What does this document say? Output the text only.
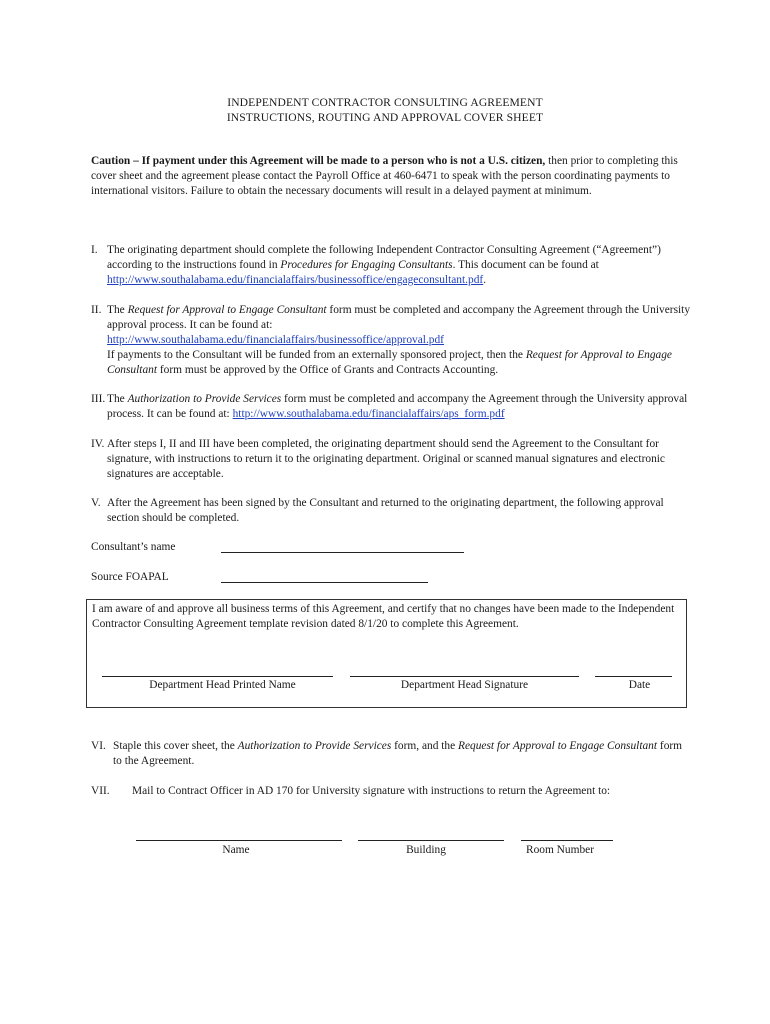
INDEPENDENT CONTRACTOR CONSULTING AGREEMENT
INSTRUCTIONS, ROUTING AND APPROVAL COVER SHEET
Caution – If payment under this Agreement will be made to a person who is not a U.S. citizen, then prior to completing this cover sheet and the agreement please contact the Payroll Office at 460-6471 to speak with the person coordinating payments to international visitors. Failure to obtain the necessary documents will result in a delayed payment at minimum.
I. The originating department should complete the following Independent Contractor Consulting Agreement (“Agreement”) according to the instructions found in Procedures for Engaging Consultants. This document can be found at http://www.southalabama.edu/financialaffairs/businessoffice/engageconsultant.pdf.
II. The Request for Approval to Engage Consultant form must be completed and accompany the Agreement through the University approval process. It can be found at:
http://www.southalabama.edu/financialaffairs/businessoffice/approval.pdf
If payments to the Consultant will be funded from an externally sponsored project, then the Request for Approval to Engage Consultant form must be approved by the Office of Grants and Contracts Accounting.
III. The Authorization to Provide Services form must be completed and accompany the Agreement through the University approval process. It can be found at: http://www.southalabama.edu/financialaffairs/aps_form.pdf
IV. After steps I, II and III have been completed, the originating department should send the Agreement to the Consultant for signature, with instructions to return it to the originating department. Original or scanned manual signatures and electronic signatures are acceptable.
V. After the Agreement has been signed by the Consultant and returned to the originating department, the following approval section should be completed.
Consultant’s name
Source FOAPAL
I am aware of and approve all business terms of this Agreement, and certify that no changes have been made to the Independent Contractor Consulting Agreement template revision dated 8/1/20 to complete this Agreement.
Department Head Printed Name	Department Head Signature	Date
VI. Staple this cover sheet, the Authorization to Provide Services form, and the Request for Approval to Engage Consultant form to the Agreement.
VII. Mail to Contract Officer in AD 170 for University signature with instructions to return the Agreement to:
Name	Building	Room Number
